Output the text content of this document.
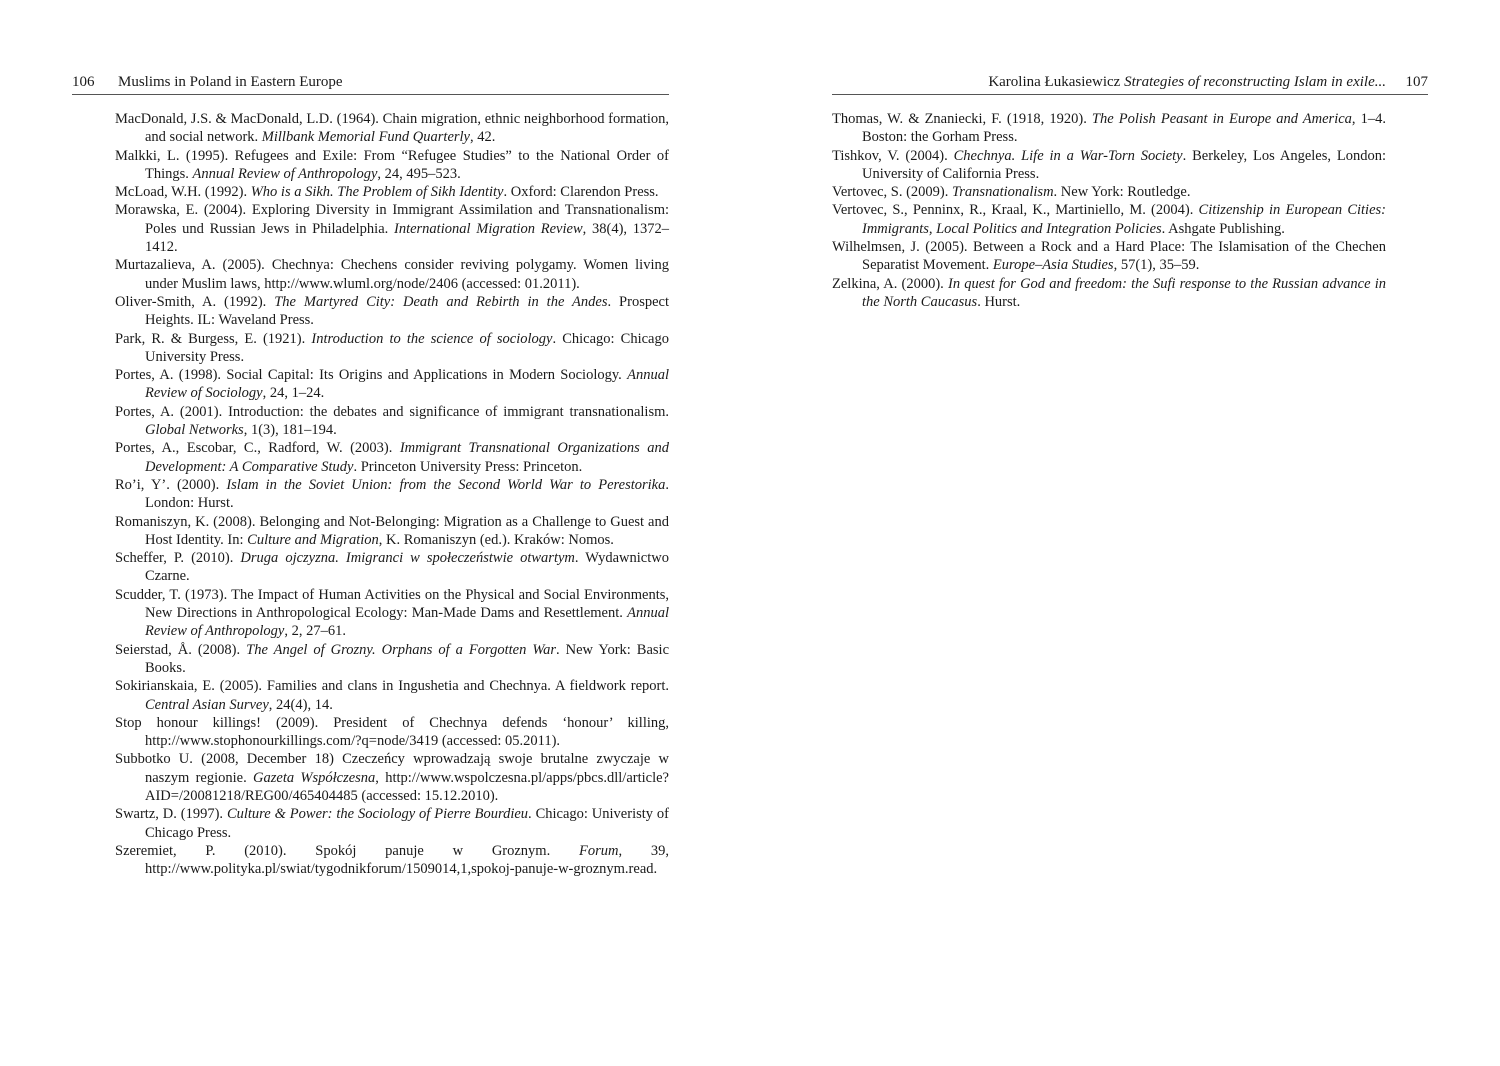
106 Muslims in Poland in Eastern Europe
MacDonald, J.S. & MacDonald, L.D. (1964). Chain migration, ethnic neighborhood formation, and social network. Millbank Memorial Fund Quarterly, 42.
Malkki, L. (1995). Refugees and Exile: From “Refugee Studies” to the National Order of Things. Annual Review of Anthropology, 24, 495–523.
McLoad, W.H. (1992). Who is a Sikh. The Problem of Sikh Identity. Oxford: Clarendon Press.
Morawska, E. (2004). Exploring Diversity in Immigrant Assimilation and Transnationalism: Poles und Russian Jews in Philadelphia. International Migration Review, 38(4), 1372–1412.
Murtazalieva, A. (2005). Chechnya: Chechens consider reviving polygamy. Women living under Muslim laws, http://www.wluml.org/node/2406 (accessed: 01.2011).
Oliver-Smith, A. (1992). The Martyred City: Death and Rebirth in the Andes. Prospect Heights. IL: Waveland Press.
Park, R. & Burgess, E. (1921). Introduction to the science of sociology. Chicago: Chicago University Press.
Portes, A. (1998). Social Capital: Its Origins and Applications in Modern Sociology. Annual Review of Sociology, 24, 1–24.
Portes, A. (2001). Introduction: the debates and significance of immigrant transnationalism. Global Networks, 1(3), 181–194.
Portes, A., Escobar, C., Radford, W. (2003). Immigrant Transnational Organizations and Development: A Comparative Study. Princeton University Press: Princeton.
Ro’i, Y’. (2000). Islam in the Soviet Union: from the Second World War to Perestorika. London: Hurst.
Romaniszyn, K. (2008). Belonging and Not-Belonging: Migration as a Challenge to Guest and Host Identity. In: Culture and Migration, K. Romaniszyn (ed.). Kraków: Nomos.
Scheffer, P. (2010). Druga ojczyzna. Imigranci w społeczeństwie otwartym. Wydawnictwo Czarne.
Scudder, T. (1973). The Impact of Human Activities on the Physical and Social Environments, New Directions in Anthropological Ecology: Man-Made Dams and Resettlement. Annual Review of Anthropology, 2, 27–61.
Seierstad, Å. (2008). The Angel of Grozny. Orphans of a Forgotten War. New York: Basic Books.
Sokirianskaia, E. (2005). Families and clans in Ingushetia and Chechnya. A fieldwork report. Central Asian Survey, 24(4), 14.
Stop honour killings! (2009). President of Chechnya defends ‘honour’ killing, http://www.stophonourkillings.com/?q=node/3419 (accessed: 05.2011).
Subbotko U. (2008, December 18) Czeczeńcy wprowadzają swoje brutalne zwyczaje w naszym regionie. Gazeta Współczesna, http://www.wspolczesna.pl/apps/pbcs.dll/article?AID=/20081218/REG00/465404485 (accessed: 15.12.2010).
Swartz, D. (1997). Culture & Power: the Sociology of Pierre Bourdieu. Chicago: Univeristy of Chicago Press.
Szeremiet, P. (2010). Spokój panuje w Groznym. Forum, 39, http://www.polityka.pl/swiat/tygodnikforum/1509014,1,spokoj-panuje-w-groznym.read.
Karolina Łukasiewicz Strategies of reconstructing Islam in exile... 107
Thomas, W. & Znaniecki, F. (1918, 1920). The Polish Peasant in Europe and America, 1–4. Boston: the Gorham Press.
Tishkov, V. (2004). Chechnya. Life in a War-Torn Society. Berkeley, Los Angeles, London: University of California Press.
Vertovec, S. (2009). Transnationalism. New York: Routledge.
Vertovec, S., Penninx, R., Kraal, K., Martiniello, M. (2004). Citizenship in European Cities: Immigrants, Local Politics and Integration Policies. Ashgate Publishing.
Wilhelmsen, J. (2005). Between a Rock and a Hard Place: The Islamisation of the Chechen Separatist Movement. Europe–Asia Studies, 57(1), 35–59.
Zelkina, A. (2000). In quest for God and freedom: the Sufi response to the Russian advance in the North Caucasus. Hurst.
